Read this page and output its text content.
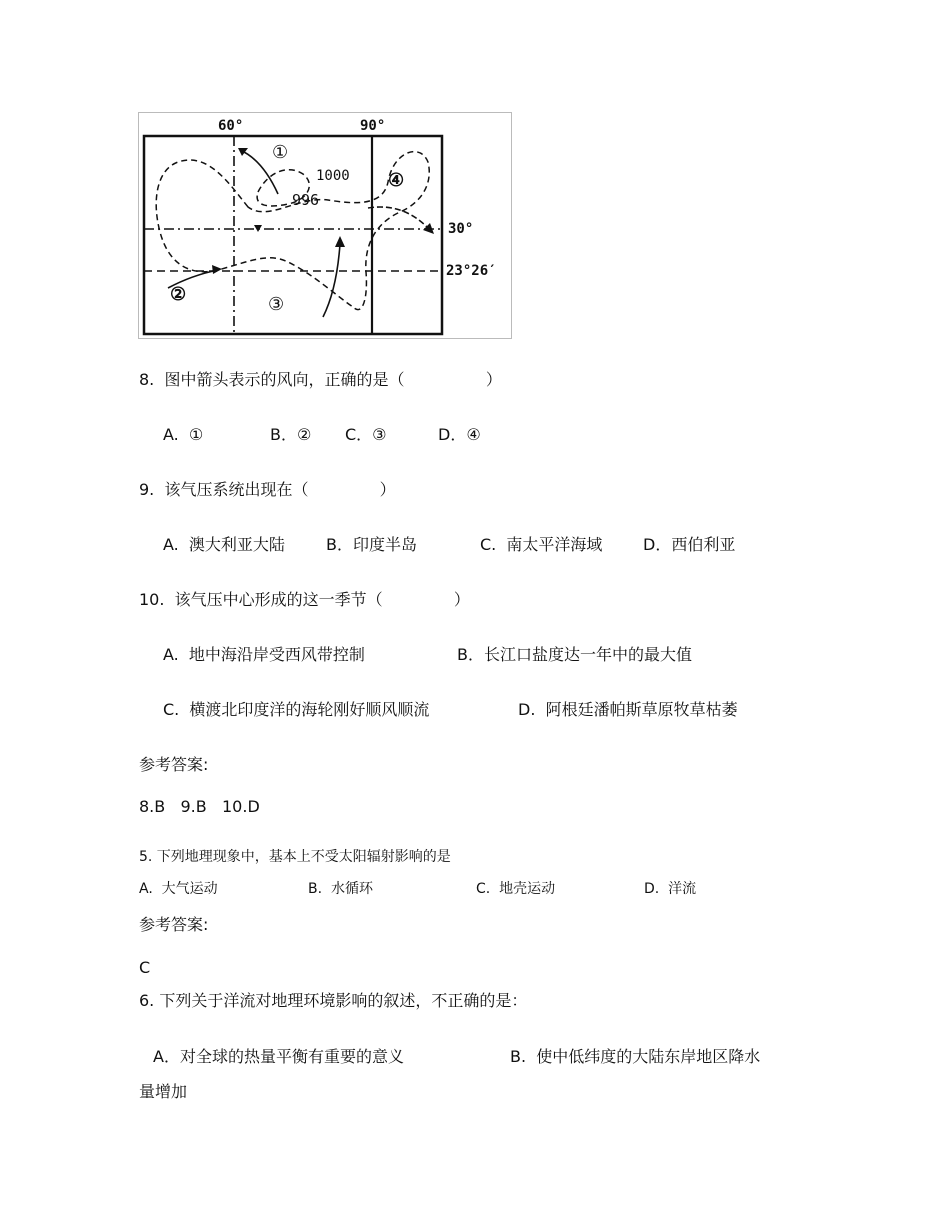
60°	90°
30°
23°26′
1000
996
①
②	③
④
8.  图中箭头表示的风向，正确的是（                ）
A.  ①	B．② C．③	D．④
9.  该气压系统出现在（              ）
A.  澳大利亚大陆	B．印度半岛	C.  南太平洋海域	D．西伯利亚
10.  该气压中心形成的这一季节（              ）
A.  地中海沿岸受西风带控制	B．长江口盐度达一年中的最大值
C.  横渡北印度洋的海轮刚好顺风顺流	D.  阿根廷潘帕斯草原牧草枯萎
参考答案:
8.B   9.B   10.D
5. 下列地理现象中，基本上不受太阳辐射影响的是
A.  大气运动	B.  水循环	C.  地壳运动	D.  洋流
参考答案:
C
6. 下列关于洋流对地理环境影响的叙述，不正确的是：
A．对全球的热量平衡有重要的意义	B.  使中低纬度的大陆东岸地区降水
量增加
